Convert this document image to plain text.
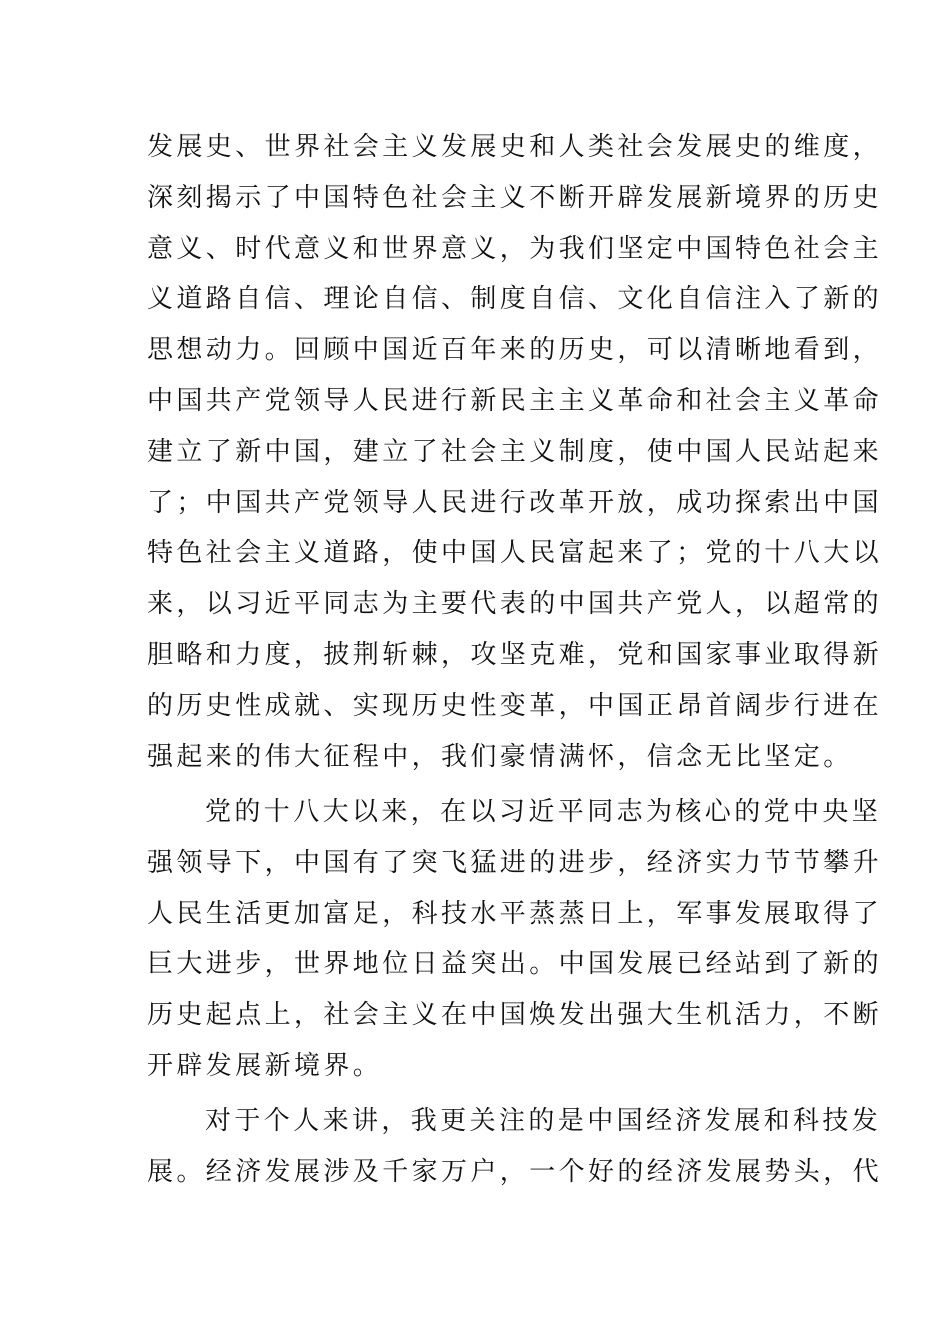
发展史、世界社会主义发展史和人类社会发展史的维度，
深刻揭示了中国特色社会主义不断开辟发展新境界的历史
意义、时代意义和世界意义，为我们坚定中国特色社会主
义道路自信、理论自信、制度自信、文化自信注入了新的
思想动力。回顾中国近百年来的历史，可以清晰地看到，
中国共产党领导人民进行新民主主义革命和社会主义革命
建立了新中国，建立了社会主义制度，使中国人民站起来
了；中国共产党领导人民进行改革开放，成功探索出中国
特色社会主义道路，使中国人民富起来了；党的十八大以
来，以习近平同志为主要代表的中国共产党人，以超常的
胆略和力度，披荆斩棘，攻坚克难，党和国家事业取得新
的历史性成就、实现历史性变革，中国正昂首阔步行进在
强起来的伟大征程中，我们豪情满怀，信念无比坚定。
党的十八大以来，在以习近平同志为核心的党中央坚
强领导下，中国有了突飞猛进的进步，经济实力节节攀升
人民生活更加富足，科技水平蒸蒸日上，军事发展取得了
巨大进步，世界地位日益突出。中国发展已经站到了新的
历史起点上，社会主义在中国焕发出强大生机活力，不断
开辟发展新境界。
对于个人来讲，我更关注的是中国经济发展和科技发
展。经济发展涉及千家万户，一个好的经济发展势头，代
